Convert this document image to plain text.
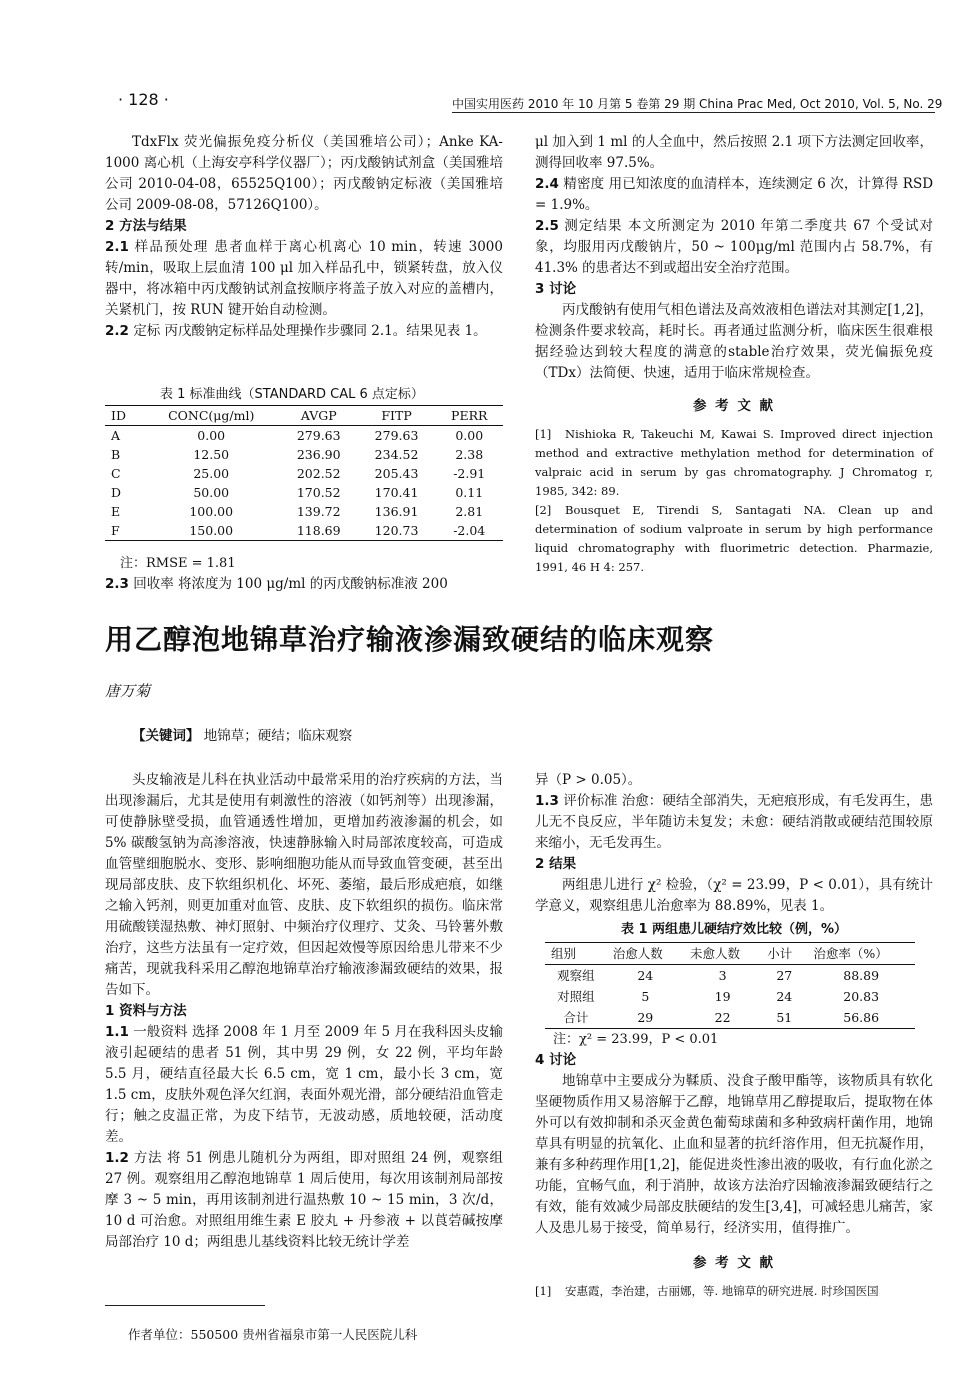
· 128 ·	中国实用医药 2010 年 10 月第 5 卷第 29 期 China Prac Med, Oct 2010, Vol. 5, No. 29

TdxFlx 荧光偏振免疫分析仪（美国雅培公司）；Anke KA-1000 离心机（上海安亭科学仪器厂）；丙戊酸钠试剂盒（美国雅培公司 2010-04-08，65525Q100）；丙戊酸钠定标液（美国雅培公司 2009-08-08，57126Q100）。

2 方法与结果

2.1 样品预处理 患者血样于离心机离心 10 min，转速 3000 转/min，吸取上层血清 100 μl 加入样品孔中，锁紧转盘，放入仪器中，将冰箱中丙戊酸钠试剂盒按顺序将盖子放入对应的盖槽内，关紧机门，按 RUN 键开始自动检测。

2.2 定标 丙戊酸钠定标样品处理操作步骤同 2.1。结果见表 1。

表 1 标准曲线（STANDARD CAL 6 点定标）
ID	CONC(μg/ml)	AVGP	FITP	PERR
A	0.00	279.63	279.63	0.00
B	12.50	236.90	234.52	2.38
C	25.00	202.52	205.43	-2.91
D	50.00	170.52	170.41	0.11
E	100.00	139.72	136.91	2.81
F	150.00	118.69	120.73	-2.04
注：RMSE = 1.81
2.3 回收率 将浓度为 100 μg/ml 的丙戊酸钠标准液 200

μl 加入到 1 ml 的人全血中，然后按照 2.1 项下方法测定回收率，测得回收率 97.5%。

2.4 精密度 用已知浓度的血清样本，连续测定 6 次，计算得 RSD = 1.9%。

2.5 测定结果 本文所测定为 2010 年第二季度共 67 个受试对象，均服用丙戊酸钠片，50 ~ 100μg/ml 范围内占 58.7%，有 41.3% 的患者达不到或超出安全治疗范围。

3 讨论

丙戊酸钠有使用气相色谱法及高效液相色谱法对其测定[1,2]，检测条件要求较高，耗时长。再者通过监测分析，临床医生很难根据经验达到较大程度的满意的stable治疗效果，荧光偏振免疫（TDx）法简便、快速，适用于临床常规检查。

参 考 文 献

[1] Nishioka R, Takeuchi M, Kawai S. Improved direct injection method and extractive methylation method for determination of valpraic acid in serum by gas chromatography. J Chromatog r, 1985, 342: 89.

[2] Bousquet E, Tirendi S, Santagati NA. Clean up and determination of sodium valproate in serum by high performance liquid chromatography with fluorimetric detection. Pharmazie, 1991, 46 H 4: 257.

用乙醇泡地锦草治疗输液渗漏致硬结的临床观察
唐万菊
【关键词】 地锦草；硬结；临床观察

头皮输液是儿科在执业活动中最常采用的治疗疾病的方法，当出现渗漏后，尤其是使用有刺激性的溶液（如钙剂等）出现渗漏，可使静脉壁受损，血管通透性增加，更增加药液渗漏的机会，如 5% 碳酸氢钠为高渗溶液，快速静脉输入时局部浓度较高，可造成血管壁细胞脱水、变形、影响细胞功能从而导致血管变硬，甚至出现局部皮肤、皮下软组织机化、坏死、萎缩，最后形成疤痕，如继之输入钙剂，则更加重对血管、皮肤、皮下软组织的损伤。临床常用硫酸镁湿热敷、神灯照射、中频治疗仪理疗、艾灸、马铃薯外敷治疗，这些方法虽有一定疗效，但因起效慢等原因给患儿带来不少痛苦，现就我科采用乙醇泡地锦草治疗输液渗漏致硬结的效果，报告如下。

1 资料与方法

1.1 一般资料 选择 2008 年 1 月至 2009 年 5 月在我科因头皮输液引起硬结的患者 51 例，其中男 29 例，女 22 例，平均年龄 5.5 月，硬结直径最大长 6.5 cm，宽 1 cm，最小长 3 cm，宽 1.5 cm，皮肤外观色泽欠红润，表面外观光滑，部分硬结沿血管走行；触之皮温正常，为皮下结节，无波动感，质地较硬，活动度差。

1.2 方法 将 51 例患儿随机分为两组，即对照组 24 例，观察组 27 例。观察组用乙醇泡地锦草 1 周后使用，每次用该制剂局部按摩 3 ~ 5 min，再用该制剂进行温热敷 10 ~ 15 min，3 次/d，10 d 可治愈。对照组用维生素 E 胶丸 + 丹参液 + 以莨菪碱按摩局部治疗 10 d；两组患儿基线资料比较无统计学差

作者单位：550500 贵州省福泉市第一人民医院儿科

异（P > 0.05）。

1.3 评价标准 治愈：硬结全部消失，无疤痕形成，有毛发再生，患儿无不良反应，半年随访未复发；未愈：硬结消散或硬结范围较原来缩小，无毛发再生。

2 结果

两组患儿进行 χ² 检验，（χ² = 23.99，P < 0.01），具有统计学意义，观察组患儿治愈率为 88.89%，见表 1。

表 1 两组患儿硬结疗效比较（例，%）

组别	治愈人数	未愈人数	小计	治愈率（%）
观察组	24	3	27	88.89
对照组	5	19	24	20.83
合计	29	22	51	56.86

注：χ² = 23.99，P < 0.01

4 讨论

地锦草中主要成分为鞣质、没食子酸甲酯等，该物质具有软化坚硬物质作用又易溶解于乙醇，地锦草用乙醇提取后，提取物在体外可以有效抑制和杀灭金黄色葡萄球菌和多种致病杆菌作用，地锦草具有明显的抗氧化、止血和显著的抗纤溶作用，但无抗凝作用，兼有多种药理作用[1,2]，能促进炎性渗出液的吸收，有行血化淤之功能，宜畅气血，利于消肿，故该方法治疗因输液渗漏致硬结行之有效，能有效减少局部皮肤硬结的发生[3,4]，可减轻患儿痛苦，家人及患儿易于接受，简单易行，经济实用，值得推广。

参 考 文 献

[1] 安惠霞，李治建，古丽娜，等. 地锦草的研究进展. 时珍国医国
